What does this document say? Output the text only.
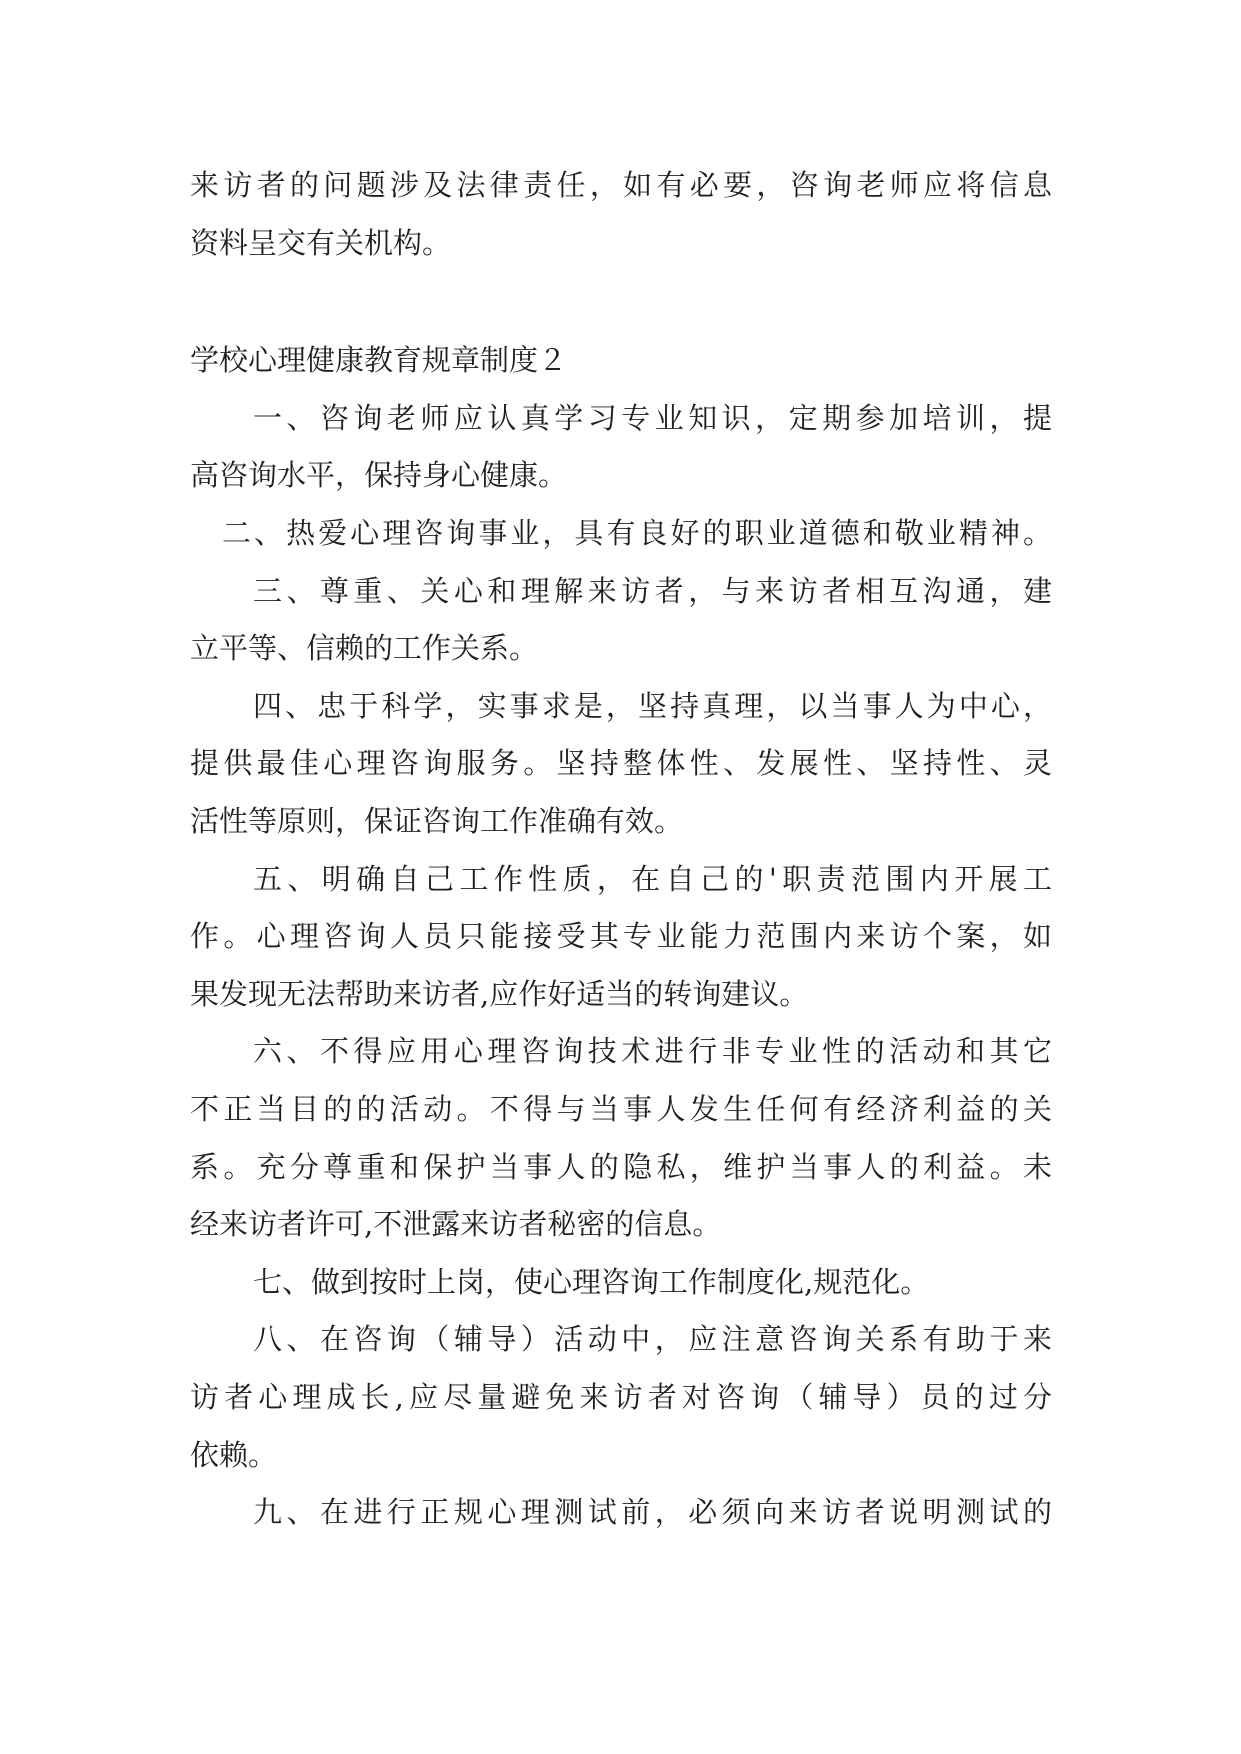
来访者的问题涉及法律责任，如有必要，咨询老师应将信息
资料呈交有关机构。
学校心理健康教育规章制度２
一、咨询老师应认真学习专业知识，定期参加培训，提
高咨询水平，保持身心健康。
二、热爱心理咨询事业，具有良好的职业道德和敬业精神。
三、尊重、关心和理解来访者，与来访者相互沟通，建
立平等、信赖的工作关系。
四、忠于科学，实事求是，坚持真理，以当事人为中心，
提供最佳心理咨询服务。坚持整体性、发展性、坚持性、灵
活性等原则，保证咨询工作准确有效。
五、明确自己工作性质，在自己的'职责范围内开展工
作。心理咨询人员只能接受其专业能力范围内来访个案，如
果发现无法帮助来访者,应作好适当的转询建议。
六、不得应用心理咨询技术进行非专业性的活动和其它
不正当目的的活动。不得与当事人发生任何有经济利益的关
系。充分尊重和保护当事人的隐私，维护当事人的利益。未
经来访者许可,不泄露来访者秘密的信息。
七、做到按时上岗，使心理咨询工作制度化,规范化。
八、在咨询（辅导）活动中，应注意咨询关系有助于来
访者心理成长,应尽量避免来访者对咨询（辅导）员的过分
依赖。
九、在进行正规心理测试前，必须向来访者说明测试的
